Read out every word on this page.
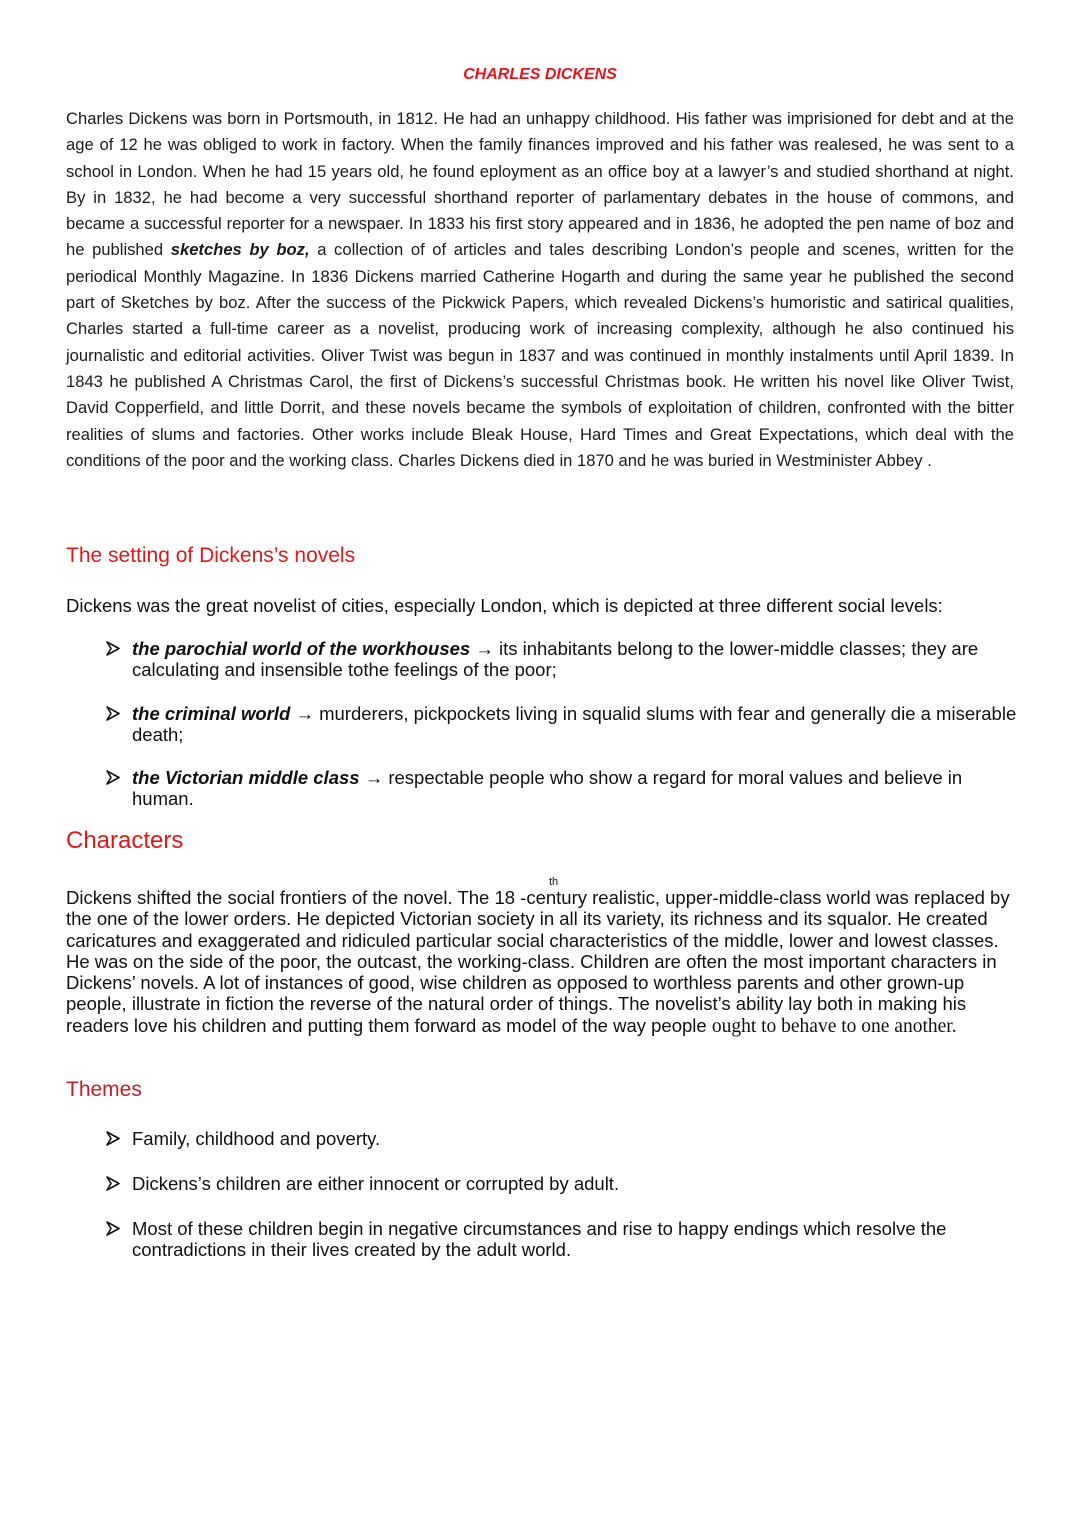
CHARLES DICKENS

Charles Dickens was born in Portsmouth, in 1812. He had an unhappy childhood. His father was imprisioned for debt and at the age of 12 he was obliged to work in factory. When the family finances improved and his father was realesed, he was sent to a school in London. When he had 15 years old, he found eployment as an office boy at a lawyer’s and studied shorthand at night. By in 1832, he had become a very successful shorthand reporter of parlamentary debates in the house of commons, and became a successful reporter for a newspaer. In 1833 his first story appeared and in 1836, he adopted the pen name of boz and he published sketches by boz, a collection of of articles and tales describing London’s people and scenes, written for the periodical Monthly Magazine. In 1836 Dickens married Catherine Hogarth and during the same year he published the second part of Sketches by boz. After the success of the Pickwick Papers, which revealed Dickens’s humoristic and satirical qualities, Charles started a full-time career as a novelist, producing work of increasing complexity, although he also continued his journalistic and editorial activities. Oliver Twist was begun in 1837 and was continued in monthly instalments until April 1839. In 1843 he published A Christmas Carol, the first of Dickens’s successful Christmas book. He written his novel like Oliver Twist, David Copperfield, and little Dorrit, and these novels became the symbols of exploitation of children, confronted with the bitter realities of slums and factories. Other works include Bleak House, Hard Times and Great Expectations, which deal with the conditions of the poor and the working class. Charles Dickens died in 1870 and he was buried in Westminister Abbey .

The setting of Dickens’s novels

Dickens was the great novelist of cities, especially London, which is depicted at three different social levels:

the parochial world of the workhouses → its inhabitants belong to the lower-middle classes; they are calculating and insensible tothe feelings of the poor;
the criminal world → murderers, pickpockets living in squalid slums with fear and generally die a miserable death;
the Victorian middle class → respectable people who show a regard for moral values and believe in human.
Characters
th

Dickens shifted the social frontiers of the novel. The 18 -century realistic, upper-middle-class world was replaced by the one of the lower orders. He depicted Victorian society in all its variety, its richness and its squalor. He created caricatures and exaggerated and ridiculed particular social characteristics of the middle, lower and lowest classes. He was on the side of the poor, the outcast, the working-class. Children are often the most important characters in Dickens’ novels. A lot of instances of good, wise children as opposed to worthless parents and other grown-up people, illustrate in fiction the reverse of the natural order of things. The novelist’s ability lay both in making his readers love his children and putting them forward as model of the way people ought to behave to one another.

Themes
Family, childhood and poverty.
Dickens’s children are either innocent or corrupted by adult.
Most of these children begin in negative circumstances and rise to happy endings which resolve the contradictions in their lives created by the adult world.
